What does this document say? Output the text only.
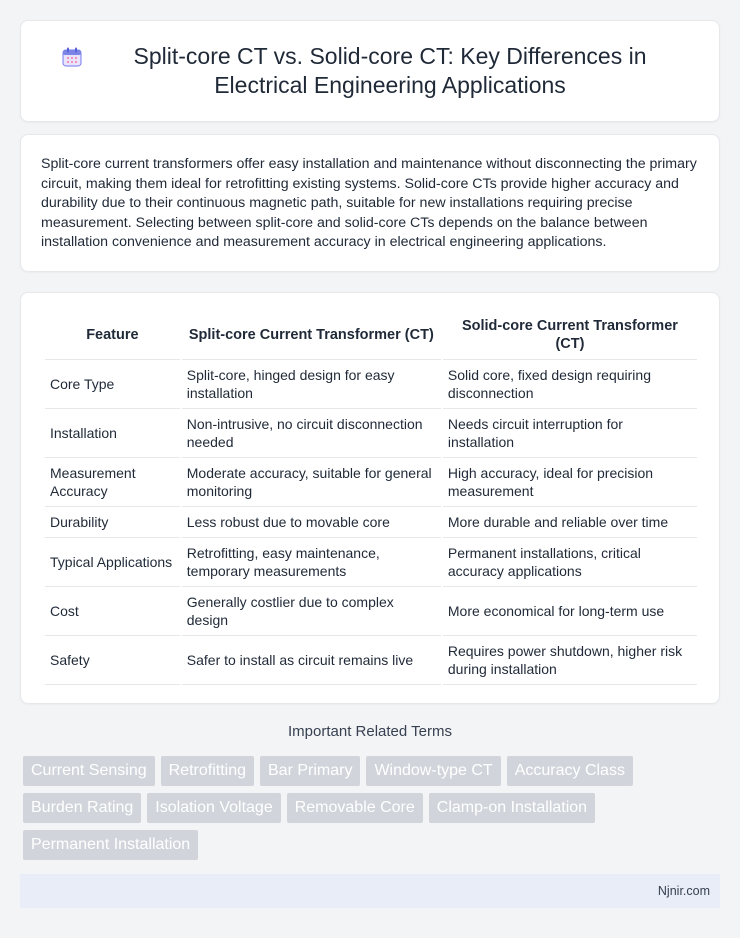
Split-core CT vs. Solid-core CT: Key Differences in Electrical Engineering Applications

Split-core current transformers offer easy installation and maintenance without disconnecting the primary circuit, making them ideal for retrofitting existing systems. Solid-core CTs provide higher accuracy and durability due to their continuous magnetic path, suitable for new installations requiring precise measurement. Selecting between split-core and solid-core CTs depends on the balance between installation convenience and measurement accuracy in electrical engineering applications.

Feature	Split-core Current Transformer (CT)	Solid-core Current Transformer (CT)
Core Type	Split-core, hinged design for easy installation	Solid core, fixed design requiring disconnection
Installation	Non-intrusive, no circuit disconnection needed	Needs circuit interruption for installation
Measurement Accuracy	Moderate accuracy, suitable for general monitoring	High accuracy, ideal for precision measurement
Durability	Less robust due to movable core	More durable and reliable over time
Typical Applications	Retrofitting, easy maintenance, temporary measurements	Permanent installations, critical accuracy applications
Cost	Generally costlier due to complex design	More economical for long-term use
Safety	Safer to install as circuit remains live	Requires power shutdown, higher risk during installation
Important Related Terms
Current Sensing	Retrofitting	Bar Primary	Window-type CT	Accuracy Class
Burden Rating	Isolation Voltage	Removable Core	Clamp-on Installation
Permanent Installation
Njnir.com
